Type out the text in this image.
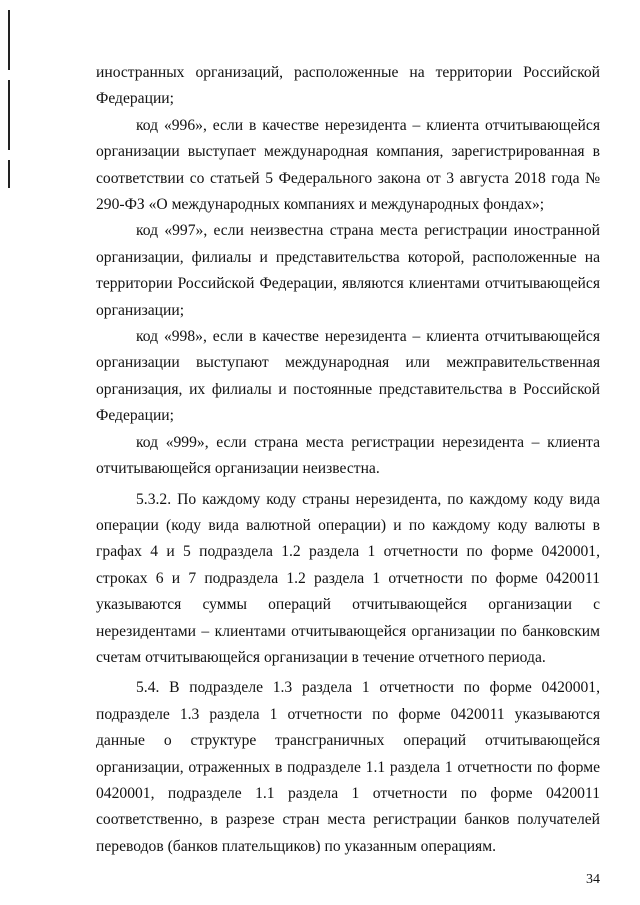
иностранных организаций, расположенные на территории Российской Федерации;

код «996», если в качестве нерезидента – клиента отчитывающейся организации выступает международная компания, зарегистрированная в соответствии со статьей 5 Федерального закона от 3 августа 2018 года № 290-ФЗ «О международных компаниях и международных фондах»;

код «997», если неизвестна страна места регистрации иностранной организации, филиалы и представительства которой, расположенные на территории Российской Федерации, являются клиентами отчитывающейся организации;

код «998», если в качестве нерезидента – клиента отчитывающейся организации выступают международная или межправительственная организация, их филиалы и постоянные представительства в Российской Федерации;

код «999», если страна места регистрации нерезидента – клиента отчитывающейся организации неизвестна.

5.3.2. По каждому коду страны нерезидента, по каждому коду вида операции (коду вида валютной операции) и по каждому коду валюты в графах 4 и 5 подраздела 1.2 раздела 1 отчетности по форме 0420001, строках 6 и 7 подраздела 1.2 раздела 1 отчетности по форме 0420011 указываются суммы операций отчитывающейся организации с нерезидентами – клиентами отчитывающейся организации по банковским счетам отчитывающейся организации в течение отчетного периода.

5.4. В подразделе 1.3 раздела 1 отчетности по форме 0420001, подразделе 1.3 раздела 1 отчетности по форме 0420011 указываются данные о структуре трансграничных операций отчитывающейся организации, отраженных в подразделе 1.1 раздела 1 отчетности по форме 0420001, подразделе 1.1 раздела 1 отчетности по форме 0420011 соответственно, в разрезе стран места регистрации банков получателей переводов (банков плательщиков) по указанным операциям.

34
